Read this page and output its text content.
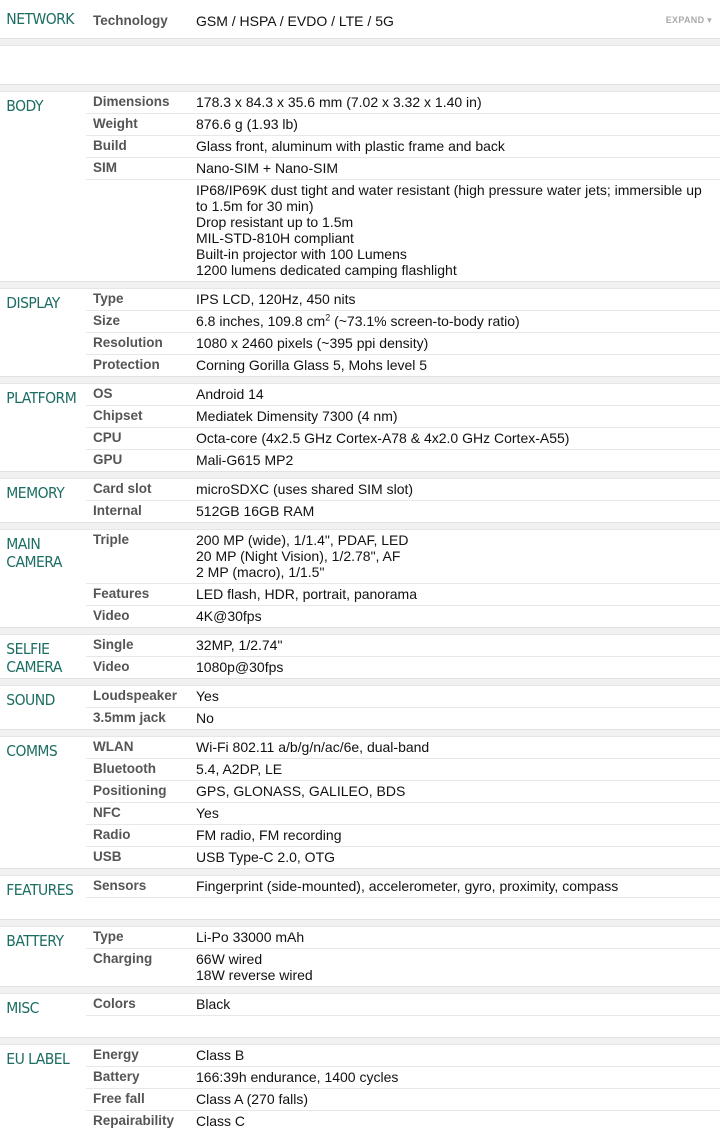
NETWORK	Technology	GSM / HSPA / EVDO / LTE / 5G	EXPAND ▾
BODY	Dimensions	178.3 x 84.3 x 35.6 mm (7.02 x 3.32 x 1.40 in)
Weight	876.6 g (1.93 lb)
Build	Glass front, aluminum with plastic frame and back
SIM	Nano-SIM + Nano-SIM
IP68/IP69K dust tight and water resistant (high pressure water jets; immersible up to 1.5m for 30 min)
Drop resistant up to 1.5m
MIL-STD-810H compliant
Built-in projector with 100 Lumens
1200 lumens dedicated camping flashlight
DISPLAY	Type	IPS LCD, 120Hz, 450 nits
Size	6.8 inches, 109.8 $cm^2$ (~73.1% screen-to-body ratio)
Resolution	1080 x 2460 pixels (~395 ppi density)
Protection	Corning Gorilla Glass 5, Mohs level 5
PLATFORM	OS	Android 14
Chipset	Mediatek Dimensity 7300 (4 nm)
CPU	Octa-core (4x2.5 GHz Cortex-A78 & 4x2.0 GHz Cortex-A55)
GPU	Mali-G615 MP2
MEMORY	Card slot	microSDXC (uses shared SIM slot)
Internal	512GB 16GB RAM
MAIN
CAMERA
Triple	200 MP (wide), 1/1.4", PDAF, LED
20 MP (Night Vision), 1/2.78", AF
2 MP (macro), 1/1.5"
Features	LED flash, HDR, portrait, panorama
Video	4K@30fps
SELFIE
CAMERA
Single	32MP, 1/2.74"
Video	1080p@30fps
SOUND	Loudspeaker	Yes
3.5mm jack	No
COMMS	WLAN	Wi-Fi 802.11 a/b/g/n/ac/6e, dual-band
Bluetooth	5.4, A2DP, LE
Positioning	GPS, GLONASS, GALILEO, BDS
NFC	Yes
Radio	FM radio, FM recording
USB	USB Type-C 2.0, OTG
FEATURES	Sensors	Fingerprint (side-mounted), accelerometer, gyro, proximity, compass
BATTERY	Type	Li-Po 33000 mAh
Charging	66W wired
18W reverse wired
MISC	Colors	Black
EU LABEL	Energy	Class B
Battery	166:39h endurance, 1400 cycles
Free fall	Class A (270 falls)
Repairability	Class C
